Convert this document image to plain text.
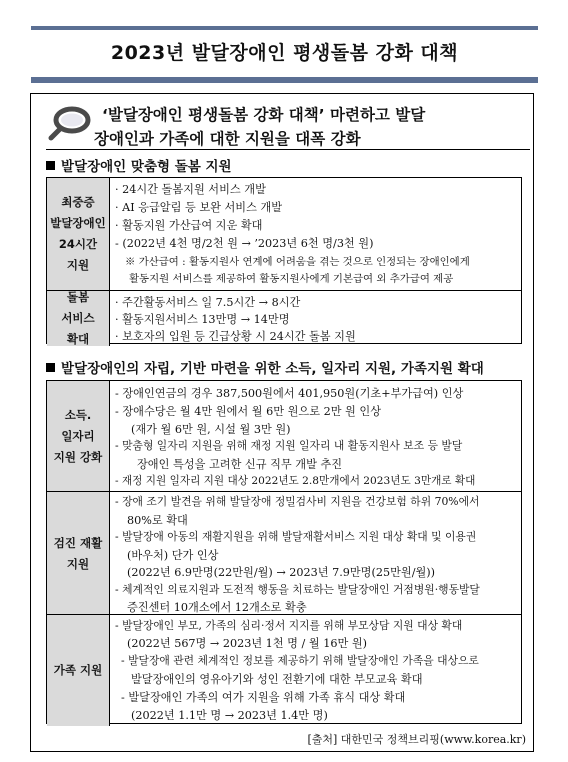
2023년 발달장애인 평생돌봄 강화 대책
‘발달장애인 평생돌봄 강화 대책’ 마련하고 발달
장애인과 가족에 대한 지원을 대폭 강화
발달장애인 맞춤형 돌봄 지원
최중증
발달장애인
24시간
지원
· 24시간 돌봄지원 서비스 개발
· AI 응급알림 등 보완 서비스 개발
· 활동지원 가산급여 지운 확대
- (2022년 4천 명/2천 원 → ’2023년 6천 명/3천 원)
※ 가산급여 : 활동지원사 연계에 어려움을 겪는 것으로 인정되는 장애인에게
활동지원 서비스를 제공하여 활동지원사에게 기본급여 외 추가급여 제공
돌봄
서비스
확대
· 주간활동서비스 일 7.5시간 → 8시간
· 활동지원서비스 13만명 → 14만명
· 보호자의 입원 등 긴급상황 시 24시간 돌봄 지원
발달장애인의 자립, 기반 마련을 위한 소득, 일자리 지원, 가족지원 확대
소득.
일자리
지원 강화
- 장애인연금의 경우 387,500원에서 401,950원(기초+부가급여) 인상
- 장애수당은 월 4만 원에서 월 6만 원으로 2만 원 인상
(재가 월 6만 원, 시설 월 3만 원)
- 맞춤형 일자리 지원을 위해 재정 지원 일자리 내 활동지원사 보조 등 발달
장애인 특성을 고려한 신규 직무 개발 추진
- 재정 지원 일자리 지원 대상 2022년도 2.8만개에서 2023년도 3만개로 확대
검진 재활
지원
- 장애 조기 발견을 위해 발달장애 정밀검사비 지원을 건강보험 하위 70%에서
80%로 확대
- 발달장애 아동의 재활지원을 위해 발달재활서비스 지원 대상 확대 및 이용권
(바우처) 단가 인상
(2022년 6.9만명(22만원/월) → 2023년 7.9만명(25만원/월))
- 체계적인 의료지원과 도전적 행동을 치료하는 발달장애인 거점병원·행동발달
증진센터 10개소에서 12개소로 확충
가족 지원
- 발달장애인 부모, 가족의 심리·정서 지지를 위해 부모상담 지원 대상 확대
(2022년 567명 → 2023년 1천 명 / 월 16만 원)
- 발달장애 관련 체계적인 정보를 제공하기 위해 발달장애인 가족을 대상으로
발달장애인의 영유아기와 성인 전환기에 대한 부모교육 확대
- 발달장애인 가족의 여가 지원을 위해 가족 휴식 대상 확대
(2022년 1.1만 명 → 2023년 1.4만 명)
[출처] 대한민국 정책브리핑(www.korea.kr)
